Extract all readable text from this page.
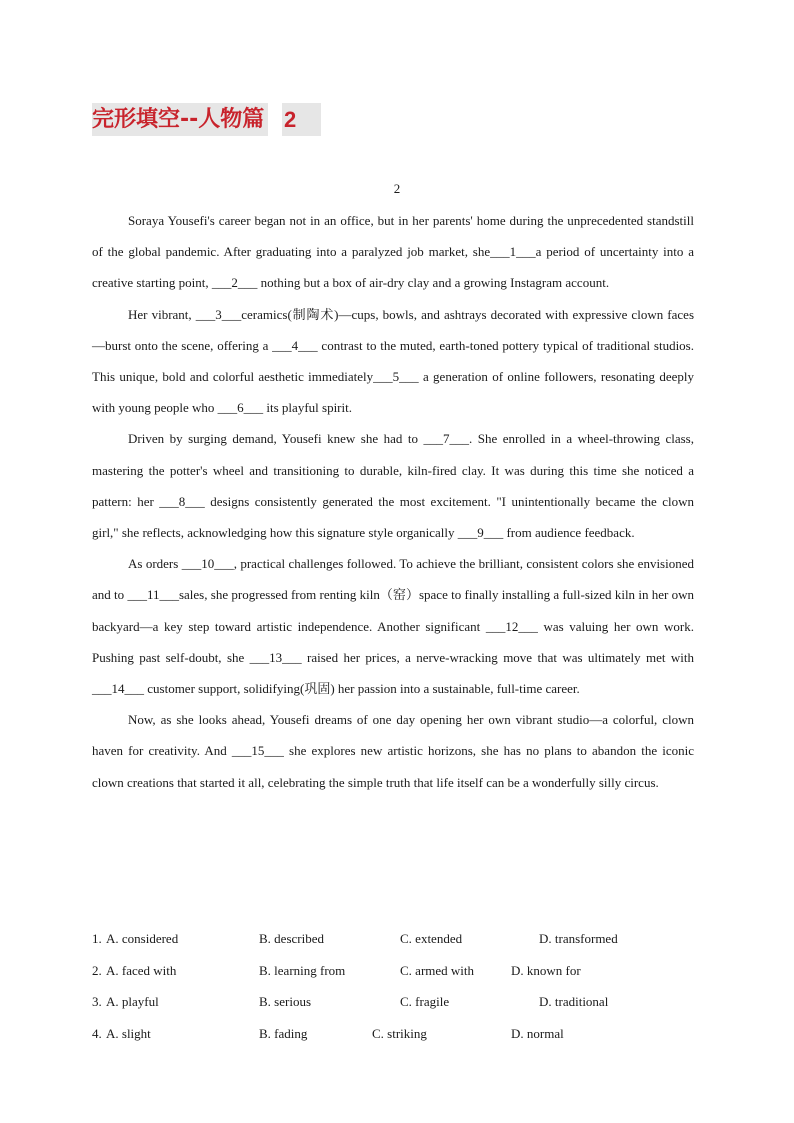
完形填空--人物篇 2
2

Soraya Yousefi's career began not in an office, but in her parents' home during the unprecedented standstill of the global pandemic. After graduating into a paralyzed job market, she___1___a period of uncertainty into a creative starting point, ___2___ nothing but a box of air-dry clay and a growing Instagram account.

Her vibrant, ___3___ceramics(制陶术)—cups, bowls, and ashtrays decorated with expressive clown faces—burst onto the scene, offering a ___4___ contrast to the muted, earth-toned pottery typical of traditional studios. This unique, bold and colorful aesthetic immediately___5___ a generation of online followers, resonating deeply with young people who ___6___ its playful spirit.

Driven by surging demand, Yousefi knew she had to ___7___. She enrolled in a wheel-throwing class, mastering the potter's wheel and transitioning to durable, kiln-fired clay. It was during this time she noticed a pattern: her ___8___ designs consistently generated the most excitement. "I unintentionally became the clown girl," she reflects, acknowledging how this signature style organically ___9___ from audience feedback.

As orders ___10___, practical challenges followed. To achieve the brilliant, consistent colors she envisioned and to ___11___sales, she progressed from renting kiln（窑）space to finally installing a full-sized kiln in her own backyard—a key step toward artistic independence. Another significant ___12___ was valuing her own work. Pushing past self-doubt, she ___13___ raised her prices, a nerve-wracking move that was ultimately met with ___14___ customer support, solidifying(巩固) her passion into a sustainable, full-time career.

Now, as she looks ahead, Yousefi dreams of one day opening her own vibrant studio—a colorful, clown haven for creativity. And ___15___ she explores new artistic horizons, she has no plans to abandon the iconic clown creations that started it all, celebrating the simple truth that life itself can be a wonderfully silly circus.

1. A. considered	B. described	C. extended	D. transformed
2. A. faced with	B. learning from	C. armed with	D. known for
3. A. playful	B. serious	C. fragile	D. traditional
4. A. slight	B. fading	C. striking	D. normal
